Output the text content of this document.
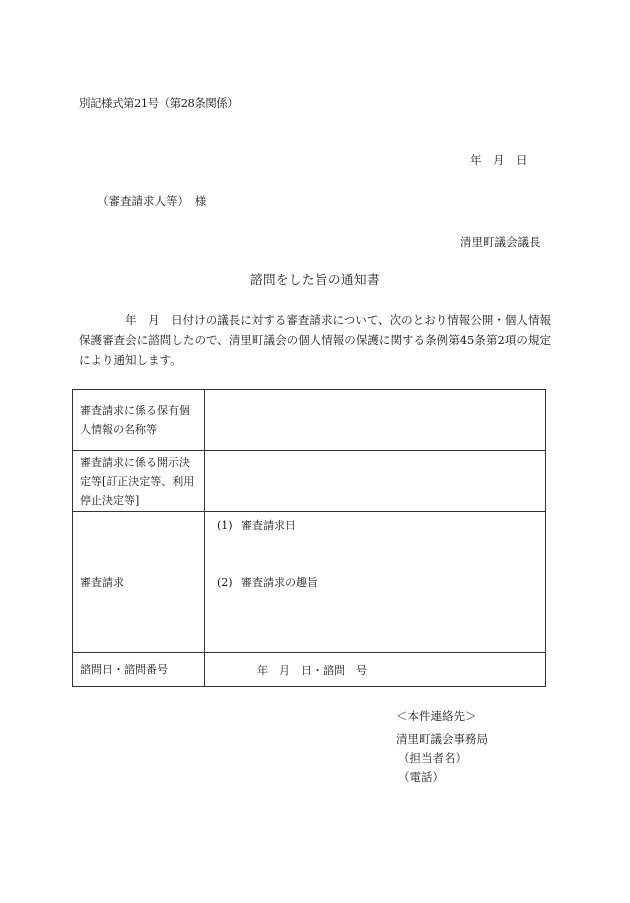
別記様式第21号（第28条関係）
年　月　日
（審査請求人等）　様
清里町議会議長
諮問をした旨の通知書

年　月　日付けの議長に対する審査請求について、次のとおり情報公開・個人情報保護審査会に諮問したので、清里町議会の個人情報の保護に関する条例第45条第2項の規定により通知します。

審査請求に係る保有個人情報の名称等	
審査請求に係る開示決定等[訂正決定等、利用停止決定等]	
審査請求	(1) 審査請求日
(2) 審査請求の趣旨

諮問日・諮問番号	年　月　日・諮問　号
＜本件連絡先＞
清里町議会事務局
（担当者名）
（電話）
